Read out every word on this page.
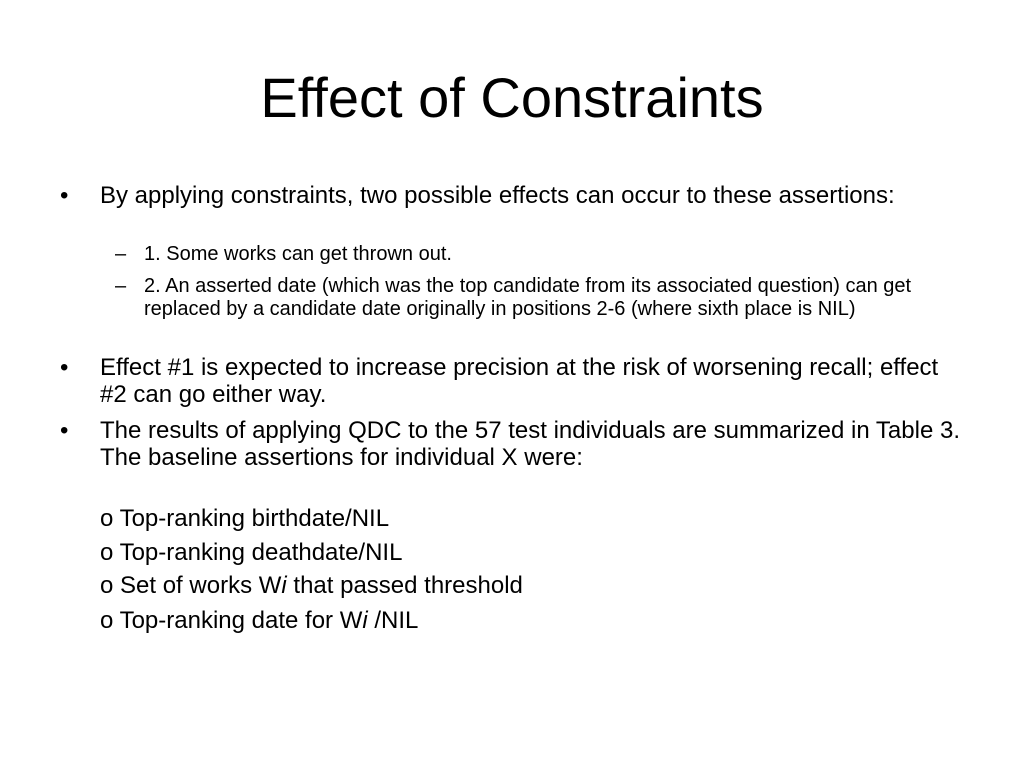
Effect of Constraints
• By applying constraints, two possible effects can occur to these assertions:
– 1. Some works can get thrown out.
– 2. An asserted date (which was the top candidate from its associated question) can get replaced by a candidate date originally in positions 2-6 (where sixth place is NIL)
• Effect #1 is expected to increase precision at the risk of worsening recall; effect #2 can go either way.
• The results of applying QDC to the 57 test individuals are summarized in Table 3. The baseline assertions for individual X were:
o Top-ranking birthdate/NIL
o Top-ranking deathdate/NIL
o Set of works Wi that passed threshold
o Top-ranking date for Wi /NIL
